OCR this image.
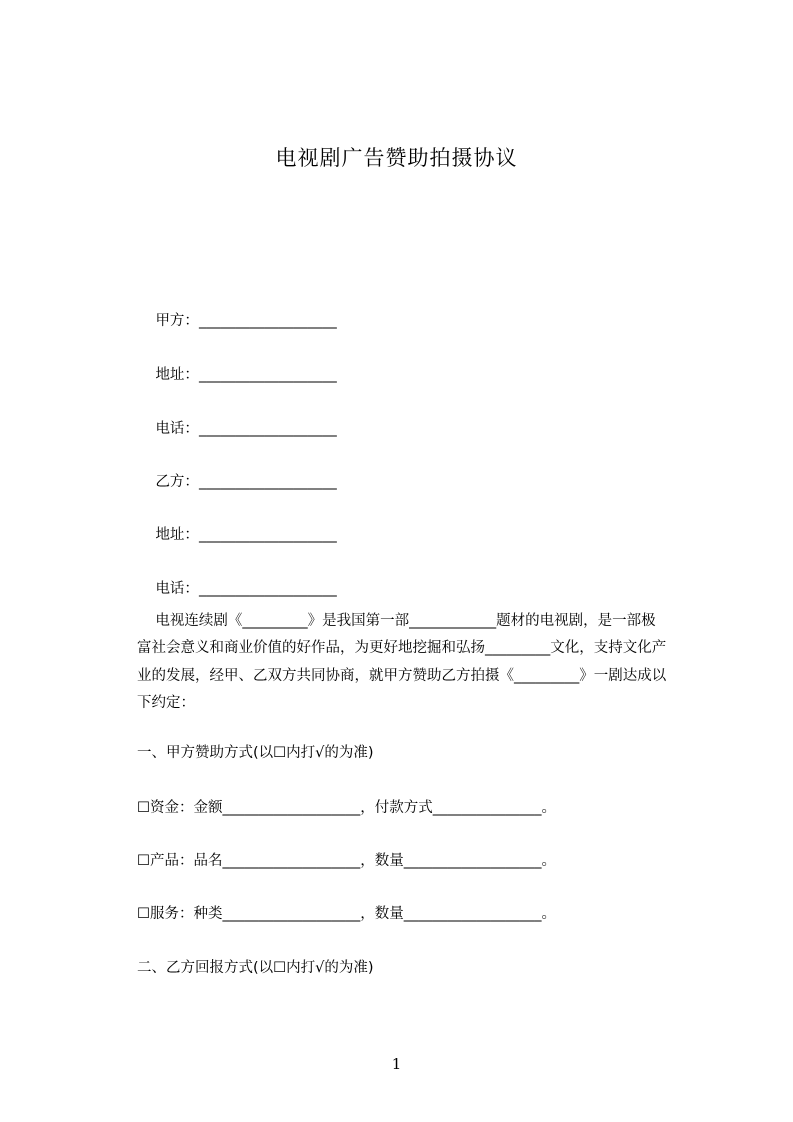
电视剧广告赞助拍摄协议

甲方：___________________

地址：___________________

电话：___________________

乙方：___________________

地址：___________________

电话：___________________

电视连续剧《_________》是我国第一部____________题材的电视剧，是一部极
富社会意义和商业价值的好作品，为更好地挖掘和弘扬_________文化，支持文化产
业的发展，经甲、乙双方共同协商，就甲方赞助乙方拍摄《_________》一剧达成以
下约定：
一、甲方赞助方式(以☐内打√的为准)
☐资金：金额___________________，付款方式_______________。
☐产品：品名___________________，数量___________________。
☐服务：种类___________________，数量___________________。
二、乙方回报方式(以☐内打√的为准)
1
